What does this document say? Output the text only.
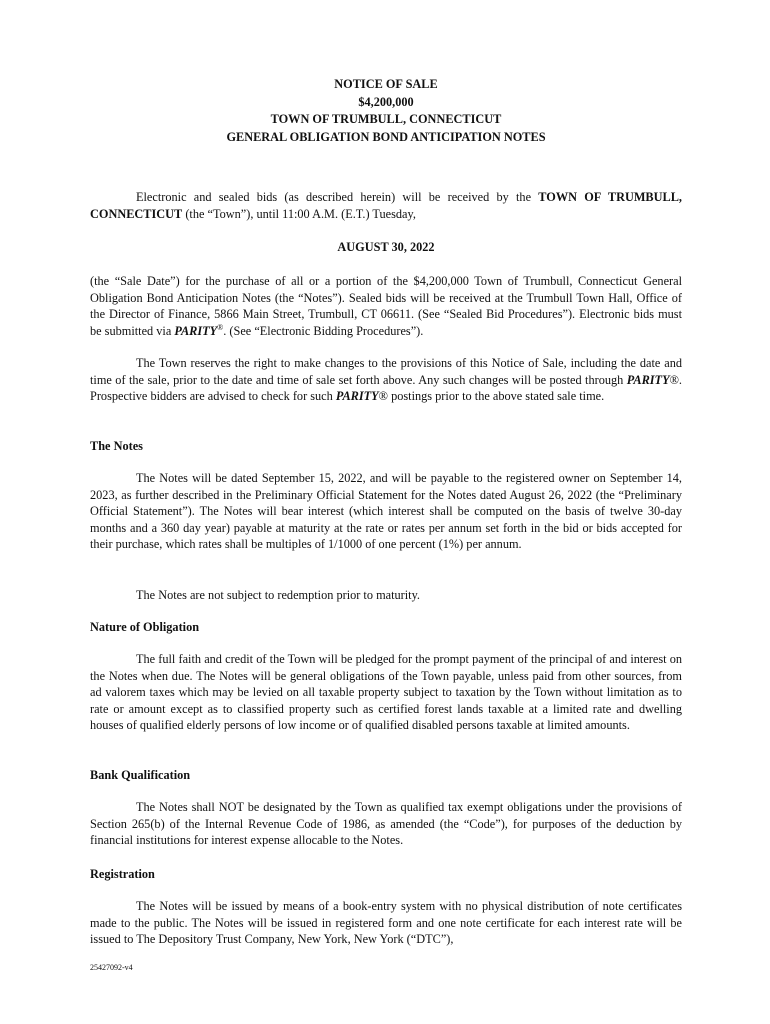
NOTICE OF SALE
$4,200,000
TOWN OF TRUMBULL, CONNECTICUT
GENERAL OBLIGATION BOND ANTICIPATION NOTES

Electronic and sealed bids (as described herein) will be received by the TOWN OF TRUMBULL, CONNECTICUT (the “Town”), until 11:00 A.M. (E.T.) Tuesday,

AUGUST 30, 2022

(the “Sale Date”) for the purchase of all or a portion of the $4,200,000 Town of Trumbull, Connecticut General Obligation Bond Anticipation Notes (the “Notes”). Sealed bids will be received at the Trumbull Town Hall, Office of the Director of Finance, 5866 Main Street, Trumbull, CT 06611. (See “Sealed Bid Procedures”). Electronic bids must be submitted via PARITY®. (See “Electronic Bidding Procedures”).

The Town reserves the right to make changes to the provisions of this Notice of Sale, including the date and time of the sale, prior to the date and time of sale set forth above. Any such changes will be posted through PARITY®. Prospective bidders are advised to check for such PARITY® postings prior to the above stated sale time.

The Notes

The Notes will be dated September 15, 2022, and will be payable to the registered owner on September 14, 2023, as further described in the Preliminary Official Statement for the Notes dated August 26, 2022 (the “Preliminary Official Statement”). The Notes will bear interest (which interest shall be computed on the basis of twelve 30-day months and a 360 day year) payable at maturity at the rate or rates per annum set forth in the bid or bids accepted for their purchase, which rates shall be multiples of 1/1000 of one percent (1%) per annum.

The Notes are not subject to redemption prior to maturity.

Nature of Obligation

The full faith and credit of the Town will be pledged for the prompt payment of the principal of and interest on the Notes when due. The Notes will be general obligations of the Town payable, unless paid from other sources, from ad valorem taxes which may be levied on all taxable property subject to taxation by the Town without limitation as to rate or amount except as to classified property such as certified forest lands taxable at a limited rate and dwelling houses of qualified elderly persons of low income or of qualified disabled persons taxable at limited amounts.

Bank Qualification

The Notes shall NOT be designated by the Town as qualified tax exempt obligations under the provisions of Section 265(b) of the Internal Revenue Code of 1986, as amended (the “Code”), for purposes of the deduction by financial institutions for interest expense allocable to the Notes.

Registration

The Notes will be issued by means of a book-entry system with no physical distribution of note certificates made to the public. The Notes will be issued in registered form and one note certificate for each interest rate will be issued to The Depository Trust Company, New York, New York (“DTC”),

25427092-v4
